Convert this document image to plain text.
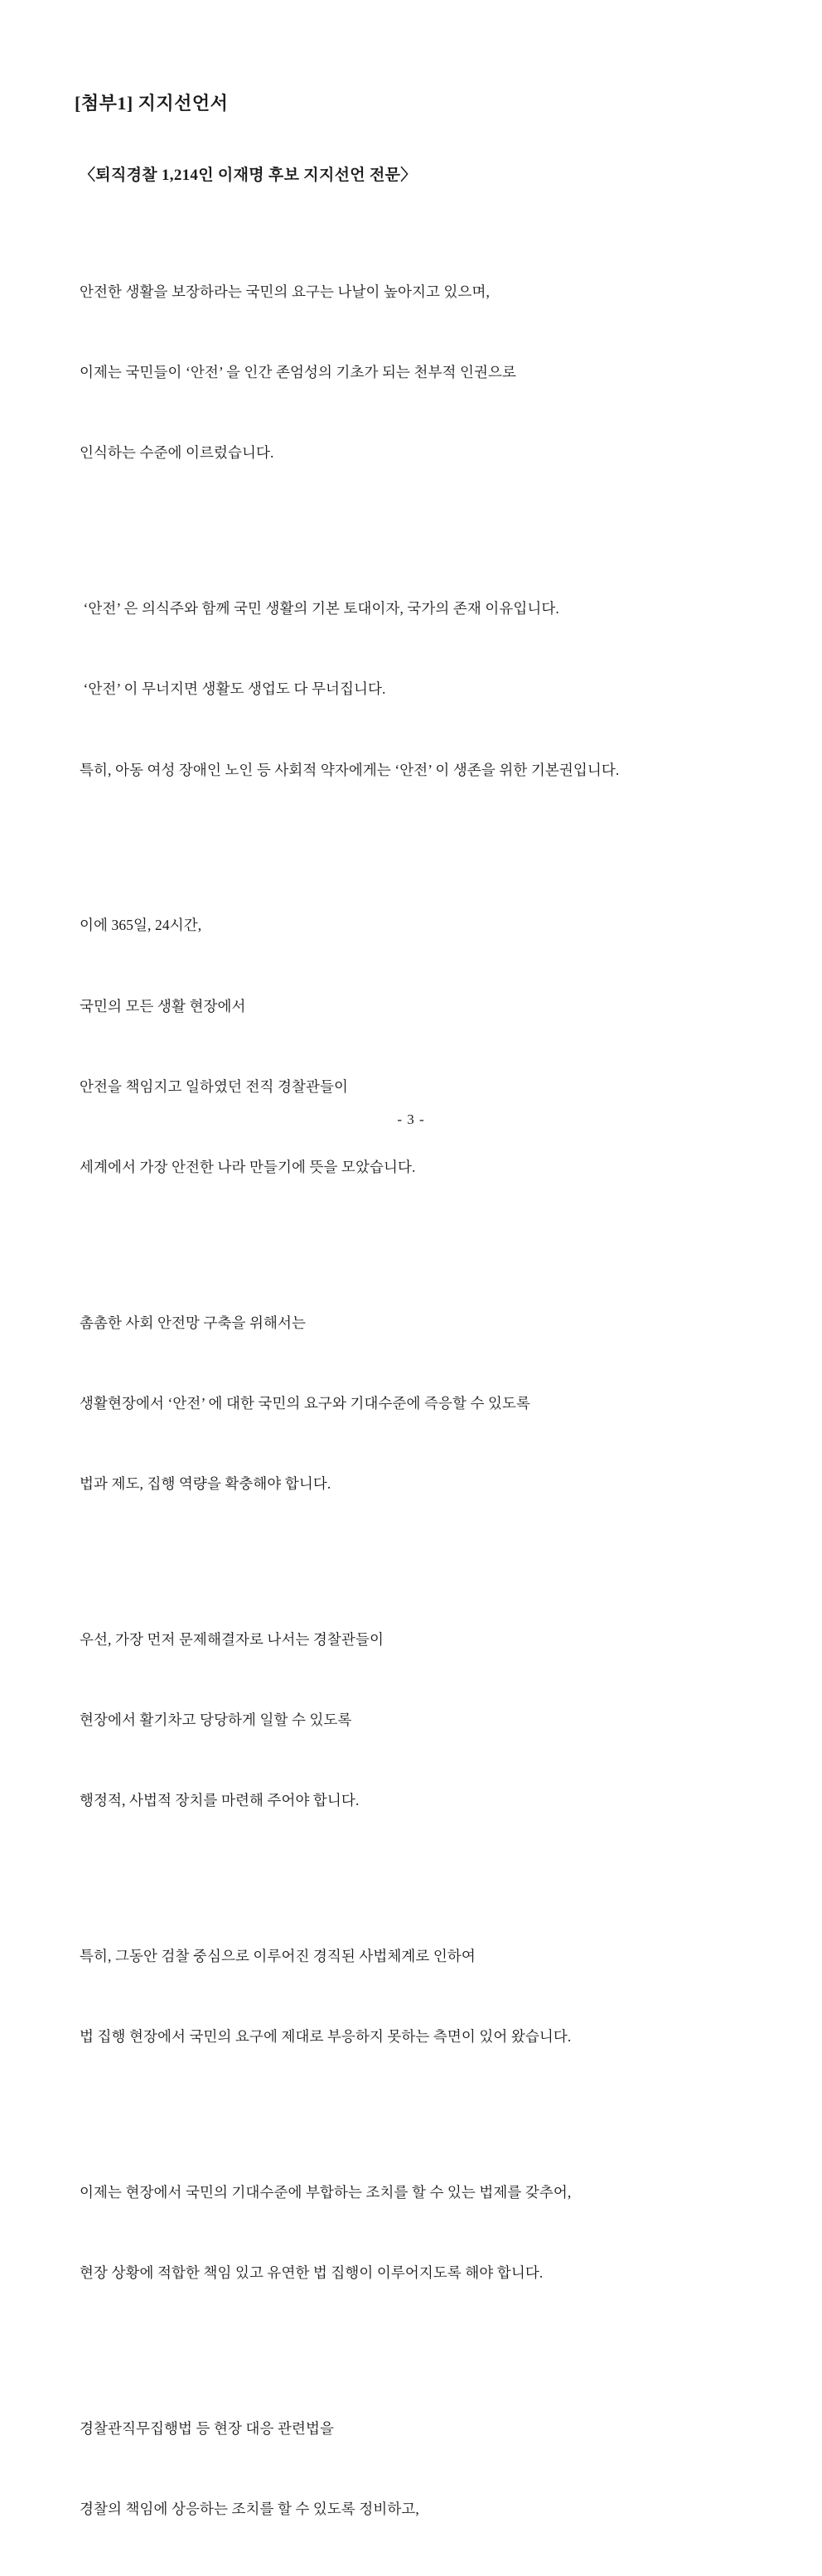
[첨부1] 지지선언서
〈퇴직경찰 1,214인 이재명 후보 지지선언 전문〉

안전한 생활을 보장하라는 국민의 요구는 나날이 높아지고 있으며,

이제는 국민들이 ‘안전’ 을 인간 존엄성의 기초가 되는 천부적 인권으로

인식하는 수준에 이르렀습니다.

‘안전’ 은 의식주와 함께 국민 생활의 기본 토대이자, 국가의 존재 이유입니다.

‘안전’ 이 무너지면 생활도 생업도 다 무너집니다.

특히, 아동 여성 장애인 노인 등 사회적 약자에게는 ‘안전’ 이 생존을 위한 기본권입니다.

이에 365일, 24시간,

국민의 모든 생활 현장에서

안전을 책임지고 일하였던 전직 경찰관들이

세계에서 가장 안전한 나라 만들기에 뜻을 모았습니다.

촘촘한 사회 안전망 구축을 위해서는

생활현장에서 ‘안전’ 에 대한 국민의 요구와 기대수준에 즉응할 수 있도록

법과 제도, 집행 역량을 확충해야 합니다.

우선, 가장 먼저 문제해결자로 나서는 경찰관들이

현장에서 활기차고 당당하게 일할 수 있도록

행정적, 사법적 장치를 마련해 주어야 합니다.

특히, 그동안 검찰 중심으로 이루어진 경직된 사법체계로 인하여

법 집행 현장에서 국민의 요구에 제대로 부응하지 못하는 측면이 있어 왔습니다.

이제는 현장에서 국민의 기대수준에 부합하는 조치를 할 수 있는 법제를 갖추어,

현장 상황에 적합한 책임 있고 유연한 법 집행이 이루어지도록 해야 합니다.

경찰관직무집행법 등 현장 대응 관련법을

경찰의 책임에 상응하는 조치를 할 수 있도록 정비하고,

- 3 -
